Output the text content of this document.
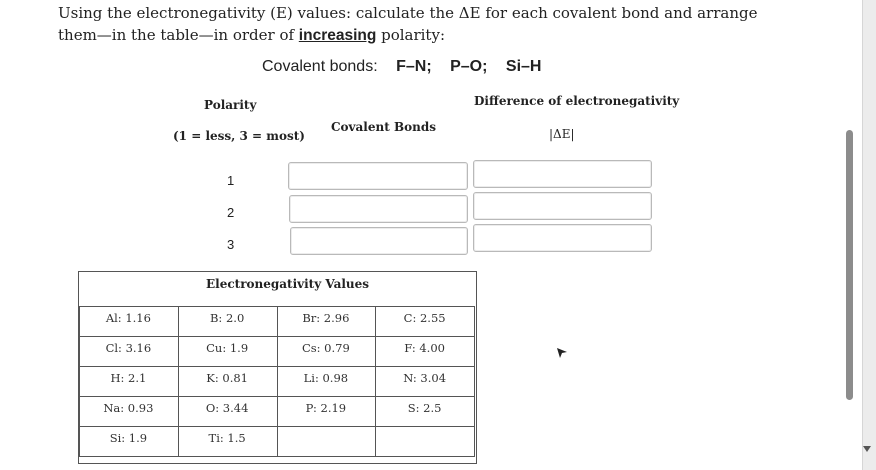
Using the electronegativity (E) values: calculate the ΔE for each covalent bond and arrange them—in the table—in order of increasing polarity:
Covalent bonds: F–N; P–O; Si–H
Polarity
(1 = less, 3 = most)
Covalent Bonds
Difference of electronegativity
|ΔE|
1
2
3
Al: 1.16	B: 2.0	Br: 2.96	C: 2.55
Cl: 3.16	Cu: 1.9	Cs: 0.79	F: 4.00
H: 2.1	K: 0.81	Li: 0.98	N: 3.04
Na: 0.93	O: 3.44	P: 2.19	S: 2.5
Si: 1.9	Ti: 1.5		
Electronegativity Values
